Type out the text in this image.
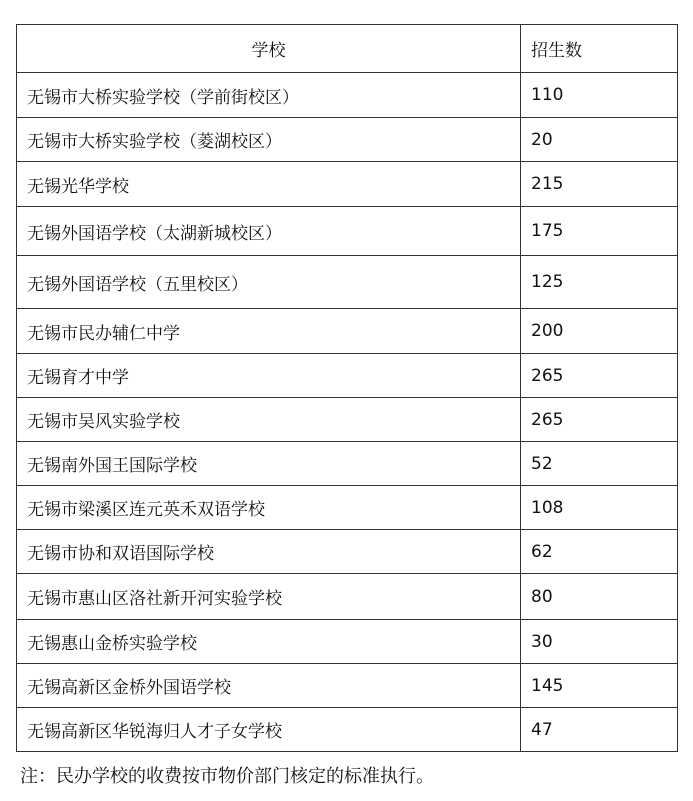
学校	招生数
无锡市大桥实验学校（学前街校区）	110
无锡市大桥实验学校（菱湖校区）	20
无锡光华学校	215
无锡外国语学校（太湖新城校区）	175
无锡外国语学校（五里校区）	125
无锡市民办辅仁中学	200
无锡育才中学	265
无锡市吴风实验学校	265
无锡南外国王国际学校	52
无锡市梁溪区连元英禾双语学校	108
无锡市协和双语国际学校	62
无锡市惠山区洛社新开河实验学校	80
无锡惠山金桥实验学校	30
无锡高新区金桥外国语学校	145
无锡高新区华锐海归人才子女学校	47
注：民办学校的收费按市物价部门核定的标准执行。
